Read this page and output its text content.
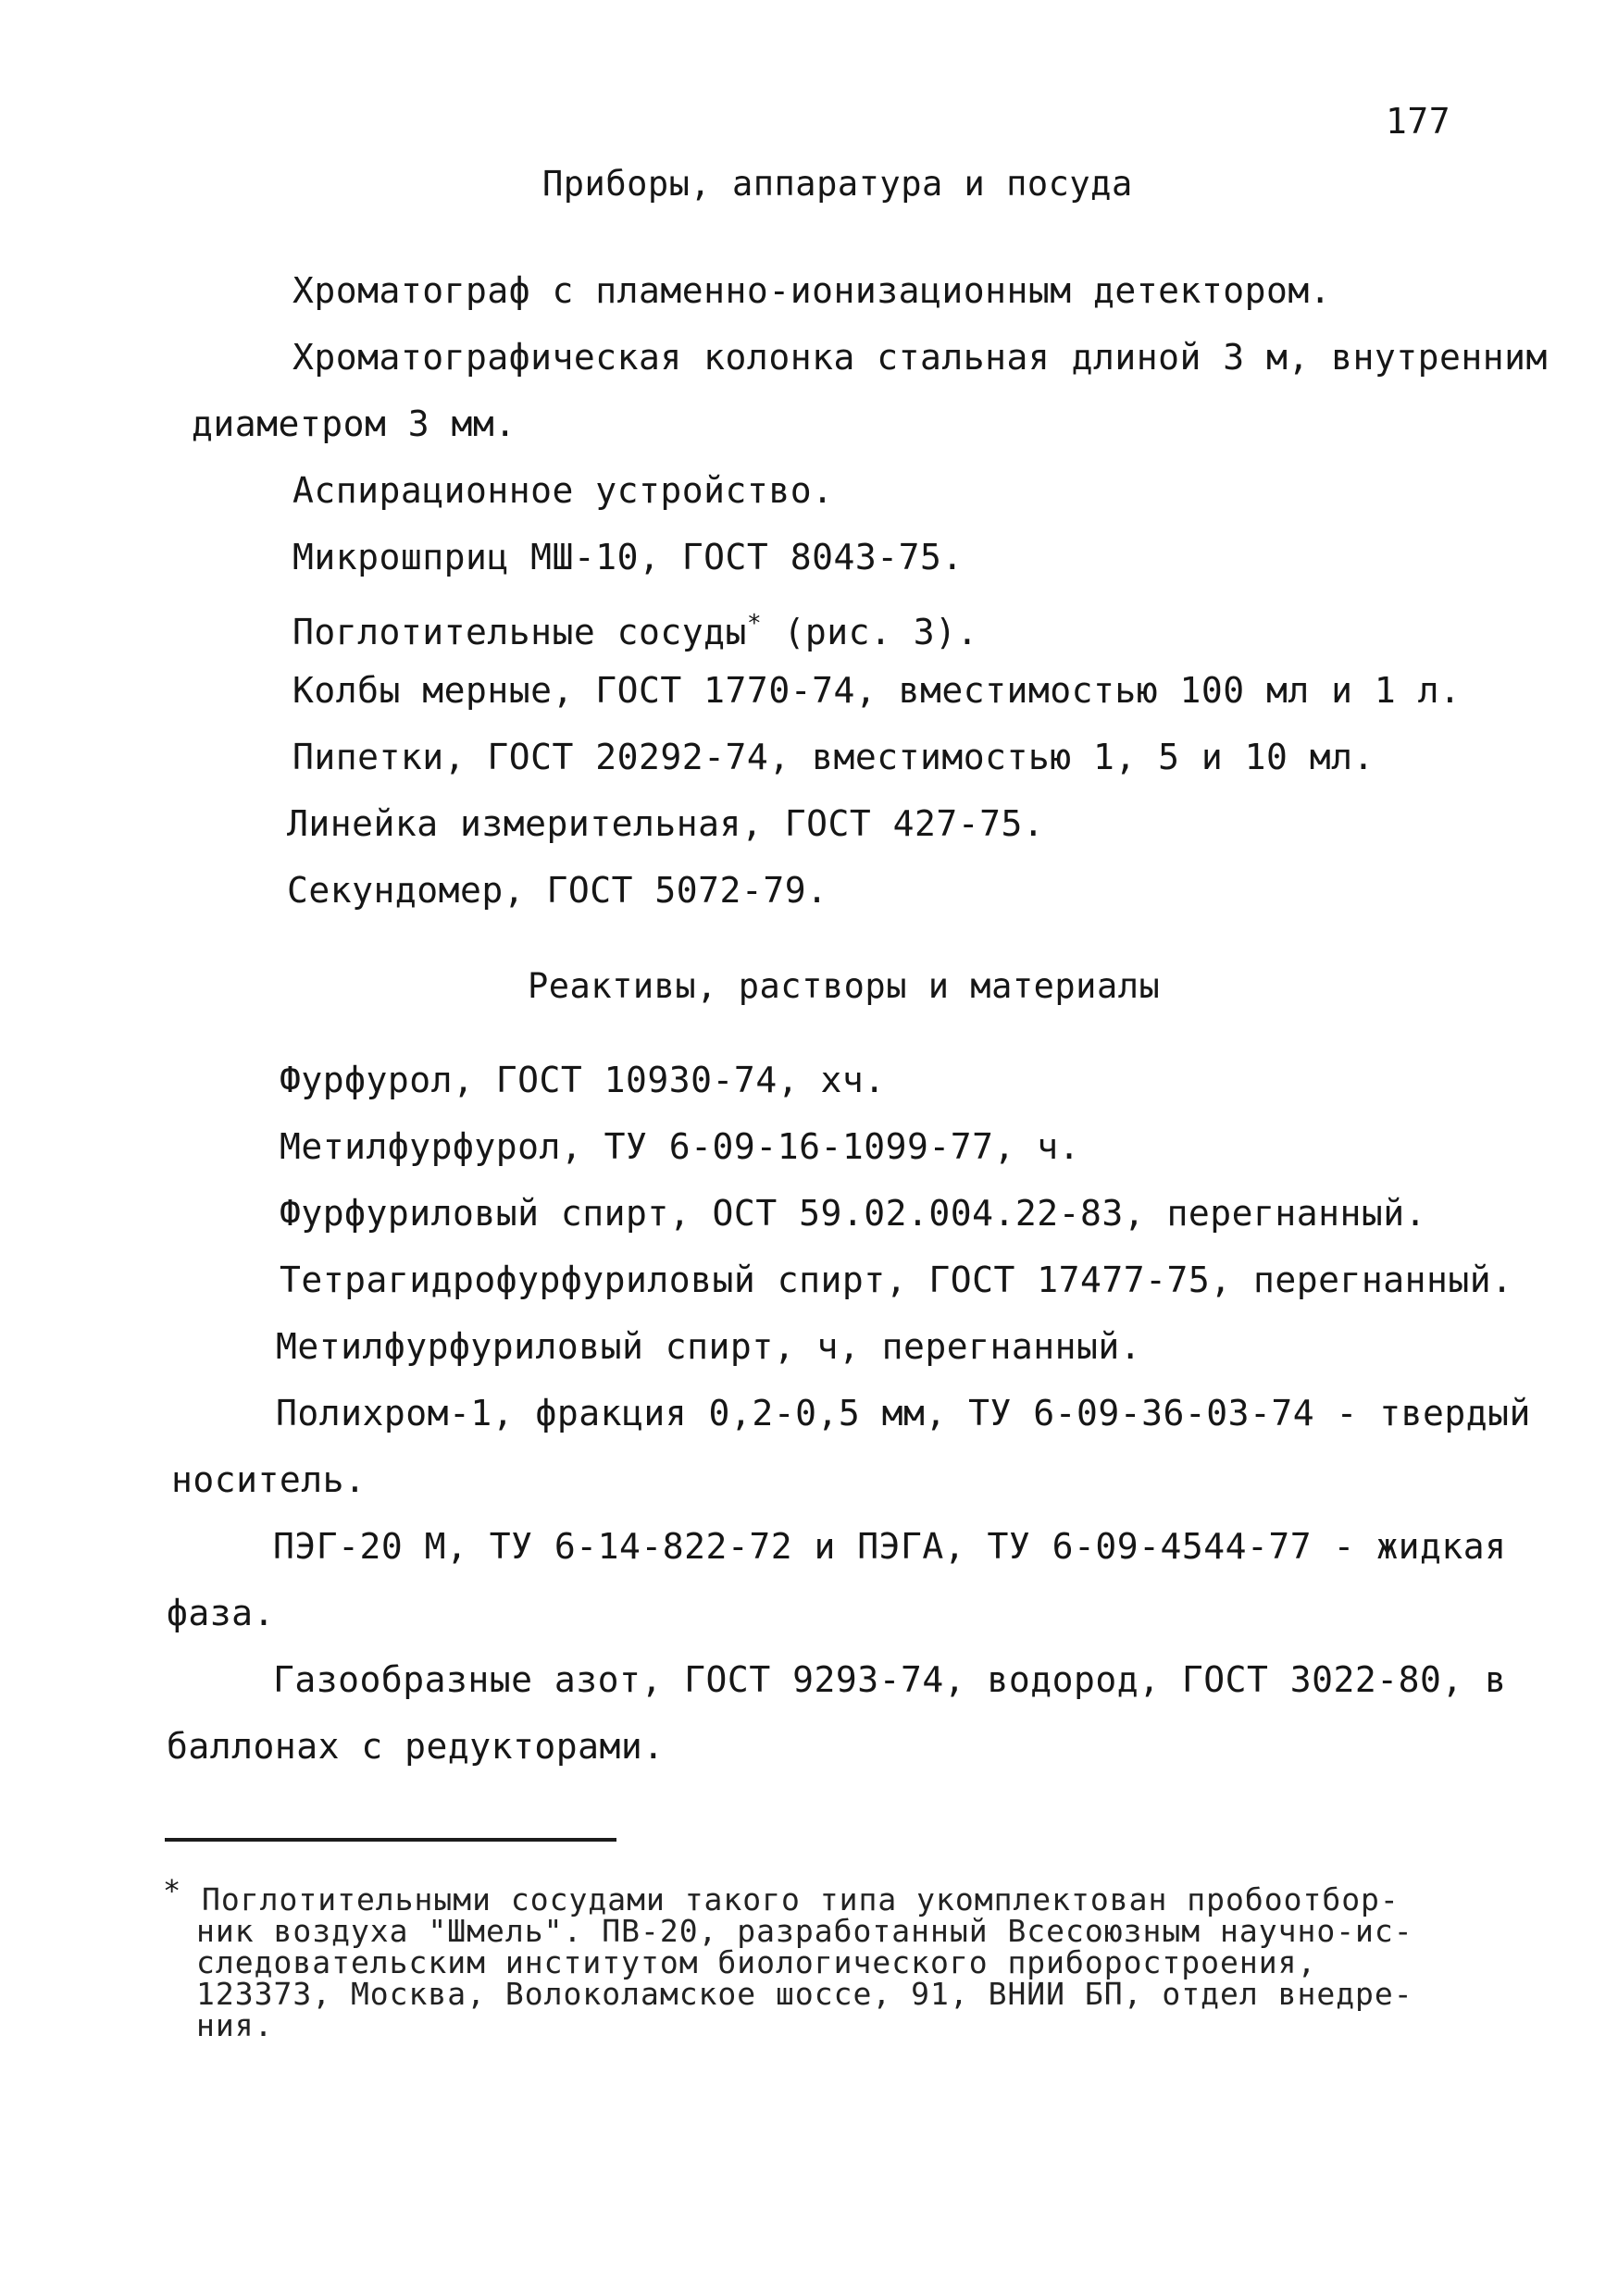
177
Приборы, аппаратура и посуда
Хроматограф с пламенно-ионизационным детектором.
Хроматографическая колонка стальная длиной 3 м, внутренним
диаметром 3 мм.
Аспирационное устройство.
Микрошприц МШ-10, ГОСТ 8043-75.
Поглотительные сосуды* (рис. 3).
Колбы мерные, ГОСТ 1770-74, вместимостью 100 мл и 1 л.
Пипетки, ГОСТ 20292-74, вместимостью 1, 5 и 10 мл.
Линейка измерительная, ГОСТ 427-75.
Секундомер, ГОСТ 5072-79.
Реактивы, растворы и материалы
Фурфурол, ГОСТ 10930-74, хч.
Метилфурфурол, ТУ 6-09-16-1099-77, ч.
Фурфуриловый спирт, ОСТ 59.02.004.22-83, перегнанный.
Тетрагидрофурфуриловый спирт, ГОСТ 17477-75, перегнанный.
Метилфурфуриловый спирт, ч, перегнанный.
Полихром-1, фракция 0,2-0,5 мм, ТУ 6-09-36-03-74 - твердый
носитель.
ПЭГ-20 М, ТУ 6-14-822-72 и ПЭГА, ТУ 6-09-4544-77 - жидкая
фаза.
Газообразные азот, ГОСТ 9293-74, водород, ГОСТ 3022-80, в
баллонах с редукторами.
* Поглотительными сосудами такого типа укомплектован пробоотбор-
ник воздуха "Шмель". ПВ-20, разработанный Всесоюзным научно-ис-
следовательским институтом биологического приборостроения,
123373, Москва, Волоколамское шоссе, 91, ВНИИ БП, отдел внедре-
ния.
